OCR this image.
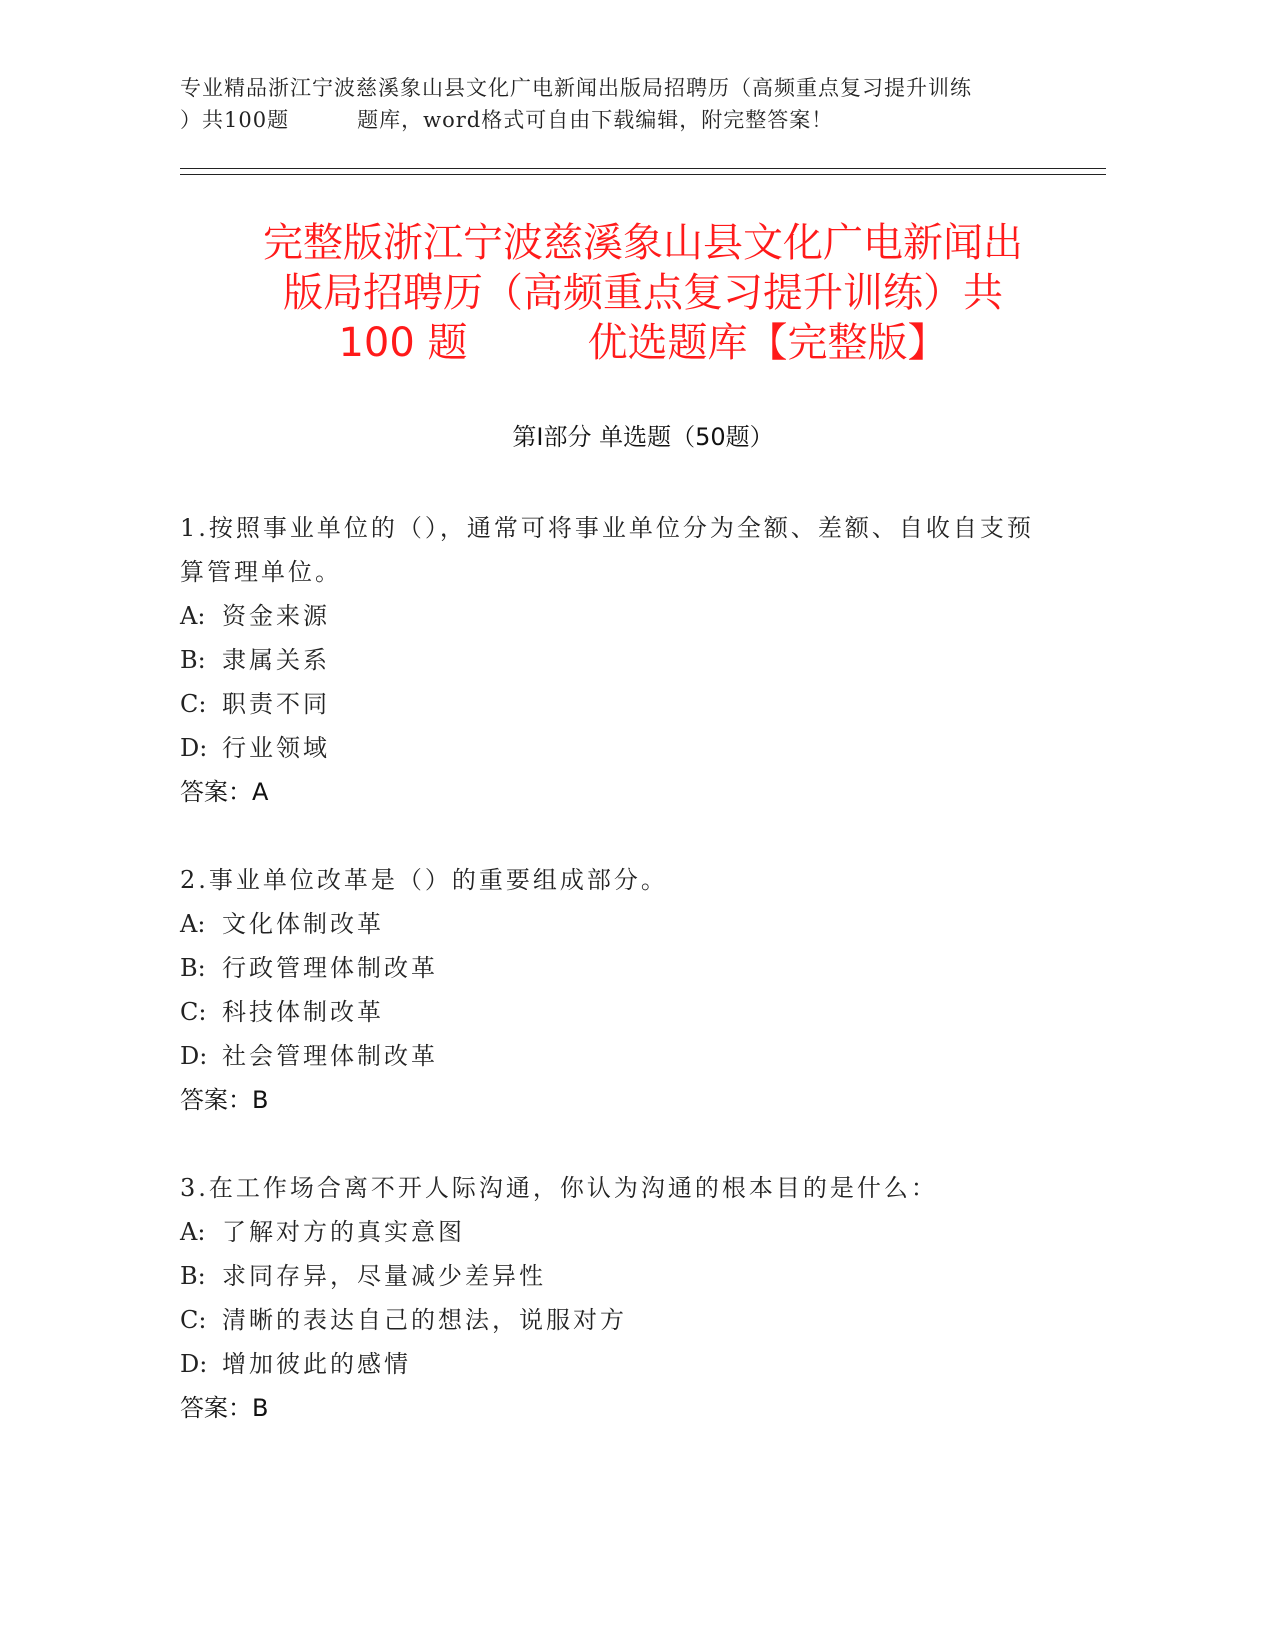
专业精品浙江宁波慈溪象山县文化广电新闻出版局招聘历（高频重点复习提升训练
）共100题	题库，word格式可自由下载编辑，附完整答案！
完整版浙江宁波慈溪象山县文化广电新闻出
版局招聘历（高频重点复习提升训练）共
100 题	优选题库【完整版】
第Ⅰ部分 单选题（50题）
1.按照事业单位的（），通常可将事业单位分为全额、差额、自收自支预算管理单位。
A: 资金来源
B: 隶属关系
C: 职责不同
D: 行业领域
答案：A
2.事业单位改革是（）的重要组成部分。
A: 文化体制改革
B: 行政管理体制改革
C: 科技体制改革
D: 社会管理体制改革
答案：B
3.在工作场合离不开人际沟通，你认为沟通的根本目的是什么：
A: 了解对方的真实意图
B: 求同存异，尽量减少差异性
C: 清晰的表达自己的想法，说服对方
D: 增加彼此的感情
答案：B
